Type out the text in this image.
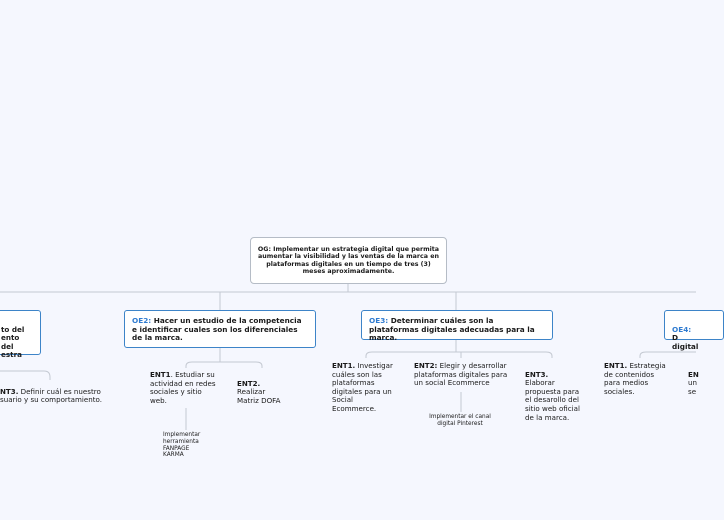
OG: Implementar un estrategia digital que permita aumentar la visibilidad y las ventas de la marca en plataformas digitales en un tiempo de tres (3) meses aproximadamente.

to del
ento del
estra

OE2: Hacer un estudio de la competencia e identificar cuales son los diferenciales de la marca.
OE3: Determinar cuáles son la plataformas digitales adecuadas para la marca.

OE4:
D
digital

NT3. Definir cuál es nuestro
suario y su comportamiento.

ENT1. Estudiar su actividad en redes sociales y sitio web.

ENT2.
Realizar
Matriz DOFA

Implementar herramienta FANPAGE KARMA
ENT1. Investigar cuáles son las plataformas digitales para un Social Ecommerce.
ENT2: Elegir y desarrollar plataformas digitales para un social Ecommerce

ENT3.
Elaborar propuesta para el desarollo del sitio web oficial de la marca.

Implementar el canal digital Pinterest
ENT1. Estrategia de contenidos para medios sociales.

EN
un
se
